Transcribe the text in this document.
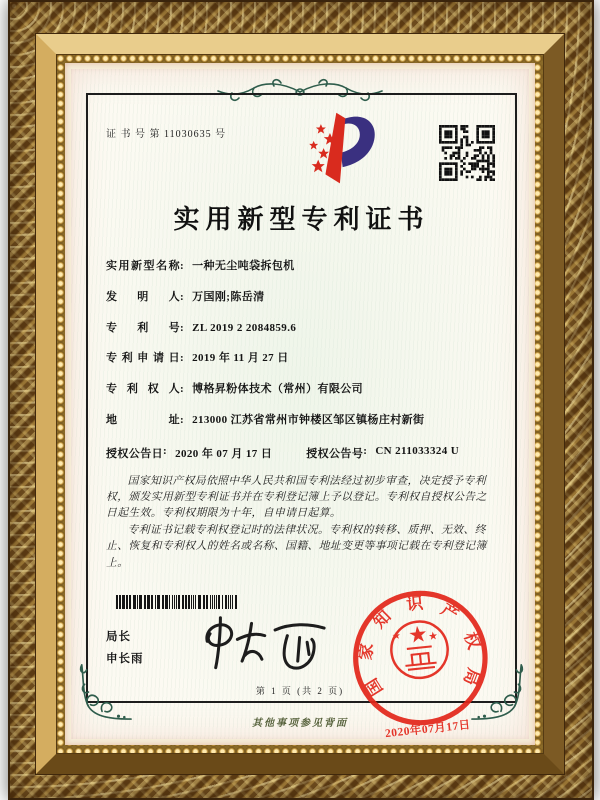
证 书 号 第 11030635 号
实用新型专利证书
实用新型名称 : 一种无尘吨袋拆包机
发明人 : 万国刚;陈岳清
专利号 : ZL 2019 2 2084859.6
专利申请日 : 2019 年 11 月 27 日
专利权人 : 博格昇粉体技术（常州）有限公司
地址 : 213000 江苏省常州市钟楼区邹区镇杨庄村新街
授权公告日 : 2020 年 07 月 17 日	授权公告号 : CN 211033324 U

国家知识产权局依照中华人民共和国专利法经过初步审查，决定授予专利权，颁发实用新型专利证书并在专利登记簿上予以登记。专利权自授权公告之日起生效。专利权期限为十年，自申请日起算。

专利证书记载专利权登记时的法律状况。专利权的转移、质押、无效、终止、恢复和专利权人的姓名或名称、国籍、地址变更等事项记载在专利登记簿上。

局长
申长雨
国
家
知
识 产
权
局
2020年07月17日
第 1 页 (共 2 页)
其他事项参见背面
